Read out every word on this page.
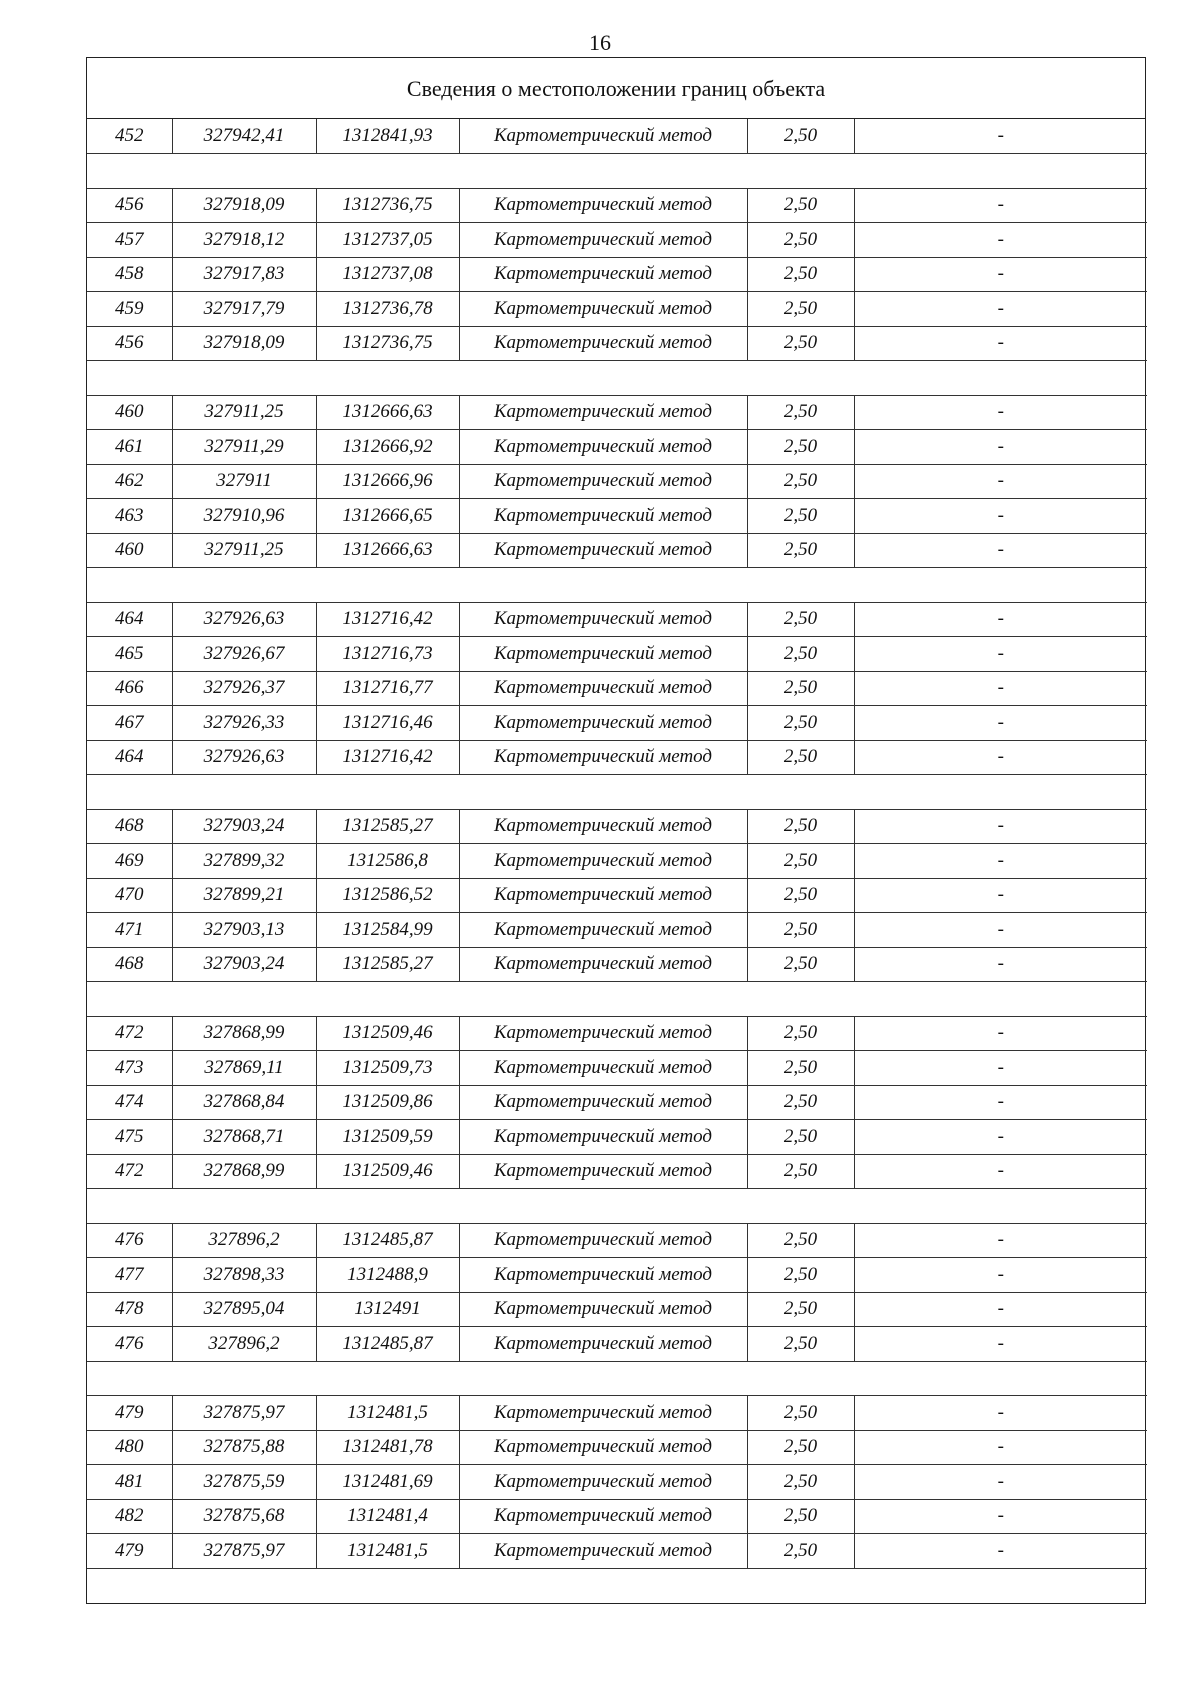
16
Сведения о местоположении границ объекта
452	327942,41	1312841,93	Картометрический метод	2,50	-

456	327918,09	1312736,75	Картометрический метод	2,50	-
457	327918,12	1312737,05	Картометрический метод	2,50	-
458	327917,83	1312737,08	Картометрический метод	2,50	-
459	327917,79	1312736,78	Картометрический метод	2,50	-
456	327918,09	1312736,75	Картометрический метод	2,50	-

460	327911,25	1312666,63	Картометрический метод	2,50	-
461	327911,29	1312666,92	Картометрический метод	2,50	-
462	327911	1312666,96	Картометрический метод	2,50	-
463	327910,96	1312666,65	Картометрический метод	2,50	-
460	327911,25	1312666,63	Картометрический метод	2,50	-

464	327926,63	1312716,42	Картометрический метод	2,50	-
465	327926,67	1312716,73	Картометрический метод	2,50	-
466	327926,37	1312716,77	Картометрический метод	2,50	-
467	327926,33	1312716,46	Картометрический метод	2,50	-
464	327926,63	1312716,42	Картометрический метод	2,50	-

468	327903,24	1312585,27	Картометрический метод	2,50	-
469	327899,32	1312586,8	Картометрический метод	2,50	-
470	327899,21	1312586,52	Картометрический метод	2,50	-
471	327903,13	1312584,99	Картометрический метод	2,50	-
468	327903,24	1312585,27	Картометрический метод	2,50	-

472	327868,99	1312509,46	Картометрический метод	2,50	-
473	327869,11	1312509,73	Картометрический метод	2,50	-
474	327868,84	1312509,86	Картометрический метод	2,50	-
475	327868,71	1312509,59	Картометрический метод	2,50	-
472	327868,99	1312509,46	Картометрический метод	2,50	-

476	327896,2	1312485,87	Картометрический метод	2,50	-
477	327898,33	1312488,9	Картометрический метод	2,50	-
478	327895,04	1312491	Картометрический метод	2,50	-
476	327896,2	1312485,87	Картометрический метод	2,50	-

479	327875,97	1312481,5	Картометрический метод	2,50	-
480	327875,88	1312481,78	Картометрический метод	2,50	-
481	327875,59	1312481,69	Картометрический метод	2,50	-
482	327875,68	1312481,4	Картометрический метод	2,50	-
479	327875,97	1312481,5	Картометрический метод	2,50	-
